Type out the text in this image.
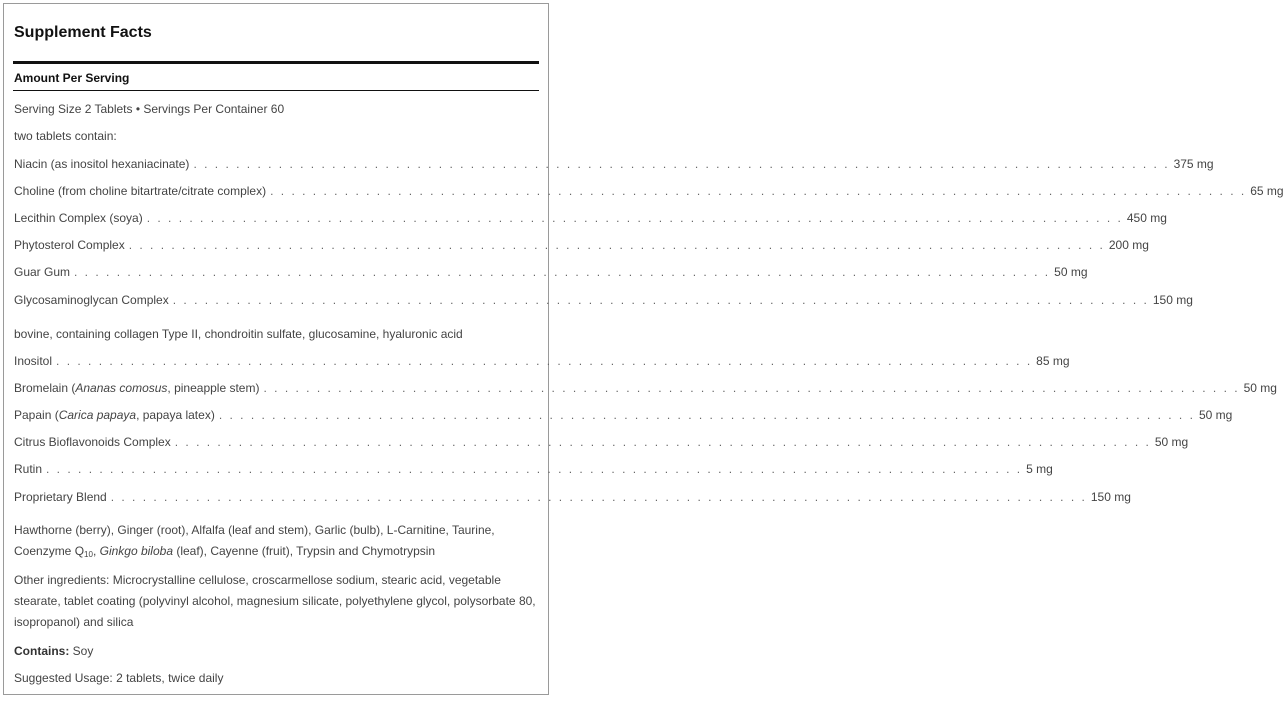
Supplement Facts
Amount Per Serving
Serving Size 2 Tablets • Servings Per Container 60
two tablets contain:
Niacin (as inositol hexaniacinate) . . . . . . . . . . . . . . . . . . . . . . . . . . . . . . . . . . . . . . . . . . . . . . . . . . . . . . . . . . . . . . . . . . . . . . . . . . . . . . . . . . . . . . . . . . . . 375 mg
Choline (from choline bitartrate/citrate complex) . . . . . . . . . . . . . . . . . . . . . . . . . . . . . . . . . . . . . . . . . . . . . . . . . . . . . . . . . . . . . . . . . . . . . . . . . . . . . . . . . . . . . . . . . . . . 65 mg
Lecithin Complex (soya) . . . . . . . . . . . . . . . . . . . . . . . . . . . . . . . . . . . . . . . . . . . . . . . . . . . . . . . . . . . . . . . . . . . . . . . . . . . . . . . . . . . . . . . . . . . . 450 mg
Phytosterol Complex . . . . . . . . . . . . . . . . . . . . . . . . . . . . . . . . . . . . . . . . . . . . . . . . . . . . . . . . . . . . . . . . . . . . . . . . . . . . . . . . . . . . . . . . . . . . 200 mg
Guar Gum . . . . . . . . . . . . . . . . . . . . . . . . . . . . . . . . . . . . . . . . . . . . . . . . . . . . . . . . . . . . . . . . . . . . . . . . . . . . . . . . . . . . . . . . . . . . 50 mg
Glycosaminoglycan Complex . . . . . . . . . . . . . . . . . . . . . . . . . . . . . . . . . . . . . . . . . . . . . . . . . . . . . . . . . . . . . . . . . . . . . . . . . . . . . . . . . . . . . . . . . . . . 150 mg
bovine, containing collagen Type II, chondroitin sulfate, glucosamine, hyaluronic acid
Inositol . . . . . . . . . . . . . . . . . . . . . . . . . . . . . . . . . . . . . . . . . . . . . . . . . . . . . . . . . . . . . . . . . . . . . . . . . . . . . . . . . . . . . . . . . . . . 85 mg
Bromelain (Ananas comosus, pineapple stem) . . . . . . . . . . . . . . . . . . . . . . . . . . . . . . . . . . . . . . . . . . . . . . . . . . . . . . . . . . . . . . . . . . . . . . . . . . . . . . . . . . . . . . . . . . . . 50 mg
Papain (Carica papaya, papaya latex) . . . . . . . . . . . . . . . . . . . . . . . . . . . . . . . . . . . . . . . . . . . . . . . . . . . . . . . . . . . . . . . . . . . . . . . . . . . . . . . . . . . . . . . . . . . . 50 mg
Citrus Bioflavonoids Complex . . . . . . . . . . . . . . . . . . . . . . . . . . . . . . . . . . . . . . . . . . . . . . . . . . . . . . . . . . . . . . . . . . . . . . . . . . . . . . . . . . . . . . . . . . . . 50 mg
Rutin . . . . . . . . . . . . . . . . . . . . . . . . . . . . . . . . . . . . . . . . . . . . . . . . . . . . . . . . . . . . . . . . . . . . . . . . . . . . . . . . . . . . . . . . . . . . 5 mg
Proprietary Blend . . . . . . . . . . . . . . . . . . . . . . . . . . . . . . . . . . . . . . . . . . . . . . . . . . . . . . . . . . . . . . . . . . . . . . . . . . . . . . . . . . . . . . . . . . . . 150 mg
Hawthorne (berry), Ginger (root), Alfalfa (leaf and stem), Garlic (bulb), L-Carnitine, Taurine, Coenzyme $Q_{10}$, Ginkgo biloba (leaf), Cayenne (fruit), Trypsin and Chymotrypsin
Other ingredients: Microcrystalline cellulose, croscarmellose sodium, stearic acid, vegetable stearate, tablet coating (polyvinyl alcohol, magnesium silicate, polyethylene glycol, polysorbate 80, isopropanol) and silica
Contains: Soy
Suggested Usage: 2 tablets, twice daily
